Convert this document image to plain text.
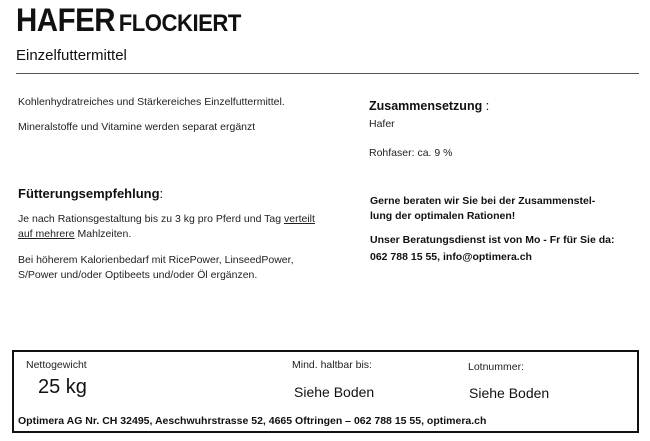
HAFER FLOCKIERT
Einzelfuttermittel
Kohlenhydratreiches und Stärkereiches Einzelfuttermittel.
Mineralstoffe und Vitamine werden separat ergänzt
Fütterungsempfehlung:
Je nach Rationsgestaltung bis zu 3 kg pro Pferd und Tag verteilt
auf mehrere Mahlzeiten.
Bei höherem Kalorienbedarf mit RicePower, LinseedPower,
S/Power und/oder Optibeets und/oder Öl ergänzen.
Zusammensetzung :
Hafer
Rohfaser: ca. 9 %
Gerne beraten wir Sie bei der Zusammenstel-
lung der optimalen Rationen!
Unser Beratungsdienst ist von Mo - Fr für Sie da:
062 788 15 55, info@optimera.ch
Nettogewicht
25 kg
Mind. haltbar bis:
Siehe Boden
Lotnummer:
Siehe Boden
Optimera AG Nr. CH 32495, Aeschwuhrstrasse 52, 4665 Oftringen – 062 788 15 55, optimera.ch
